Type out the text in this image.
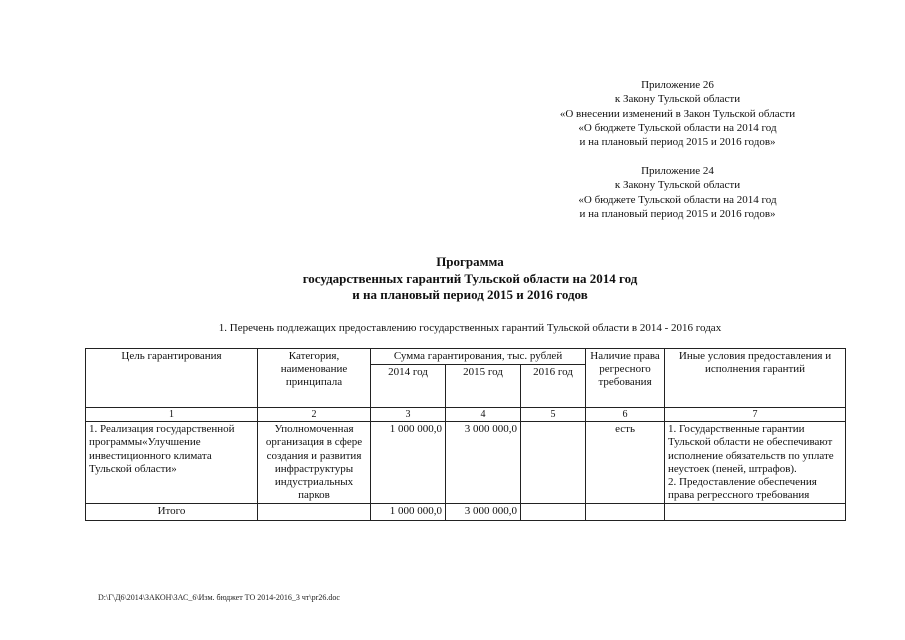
Приложение 26
к Закону Тульской области
«О внесении изменений в Закон Тульской области
«О бюджете Тульской области на 2014 год
и на плановый период 2015 и 2016 годов»
Приложение 24
к Закону Тульской области
«О бюджете Тульской области на 2014 год
и на плановый период 2015 и 2016 годов»
Программа
государственных гарантий Тульской области на 2014 год
и на плановый период 2015 и 2016 годов
1. Перечень подлежащих предоставлению государственных гарантий Тульской области в 2014 - 2016 годах
Цель гарантирования	Категория, наименование принципала	Сумма гарантирования, тыс. рублей			Наличие права регресного требования	Иные условия предоставления и исполнения гарантий
		2014 год	2015 год	2016 год		
1	2	3	4	5	6	7
1. Реализация государственной программы«Улучшение инвестиционного климата Тульской области»	Уполномоченная организация в сфере создания и развития инфраструктуры индустриальных парков	1 000 000,0	3 000 000,0		есть	1. Государственные гарантии Тульской области не обеспечивают исполнение обязательств по уплате неустоек (пеней, штрафов).
2. Предоставление обеспечения права регрессного требования

Итого		1 000 000,0	3 000 000,0			
D:\Г\Д6\2014\ЗАКОН\ЗАС_6\Изм. бюджет ТО 2014-2016_3 чт\pr26.doc
